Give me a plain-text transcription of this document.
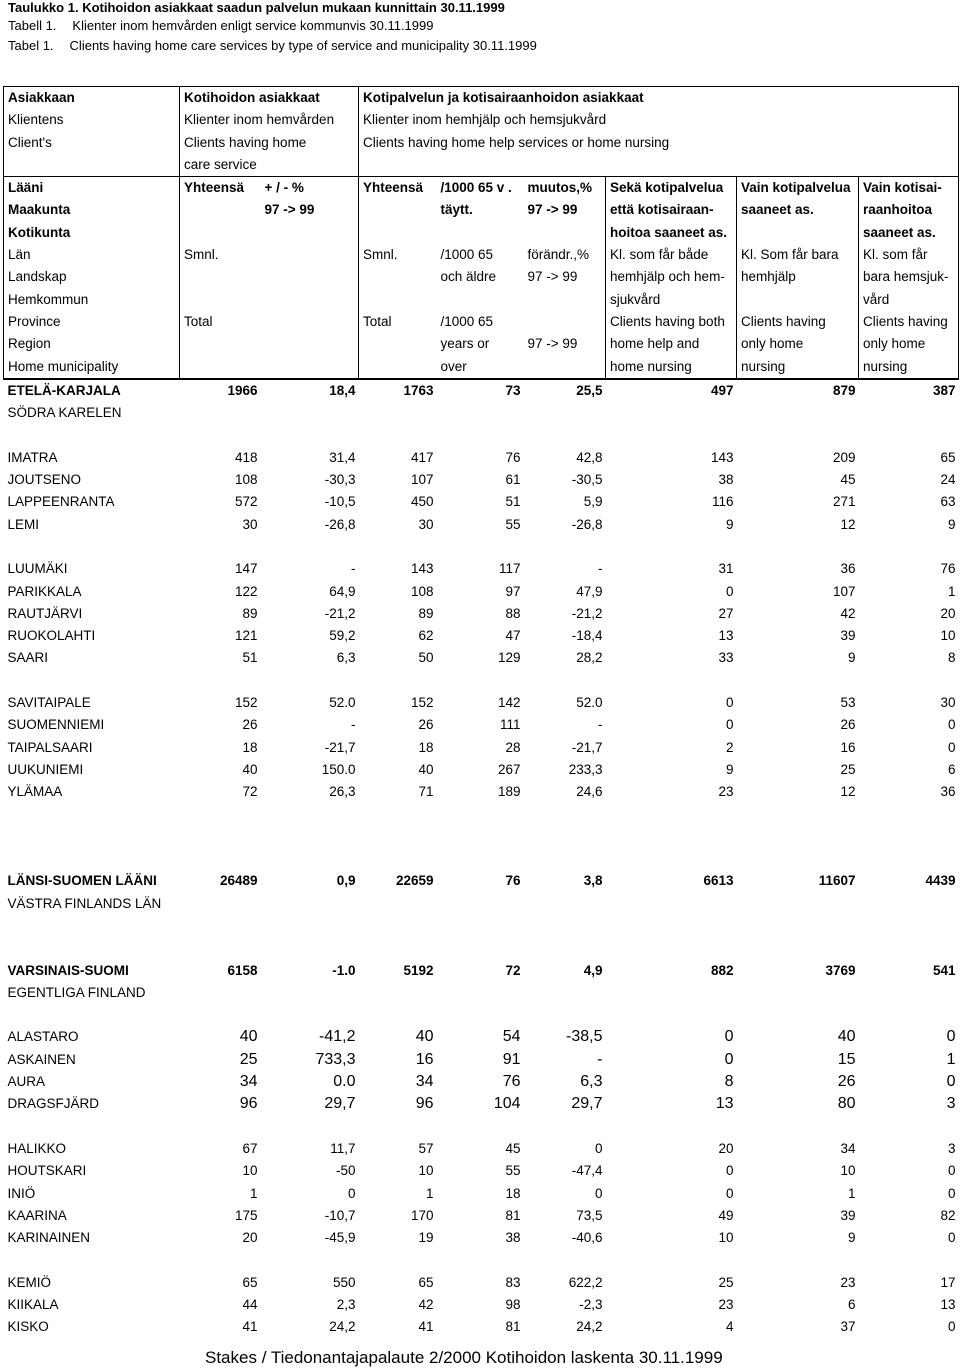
Taulukko 1. Kotihoidon asiakkaat saadun palvelun mukaan kunnittain 30.11.1999
Tabell 1. Klienter inom hemvården enligt service kommunvis 30.11.1999
Tabel 1. Clients having home care services by type of service and municipality 30.11.1999
Asiakkaan	Kotihoidon asiakkaat		Kotipalvelun ja kotisairaanhoidon asiakkaat					
Klientens	Klienter inom hemvården		Klienter inom hemhjälp och hemsjukvård					
Client's	Clients having home		Clients having home help services or home nursing					
	care service							
Lääni	Yhteensä	+ / - %	Yhteensä	/1000 65 v .	muutos,%	Sekä kotipalvelua	Vain kotipalvelua	Vain kotisai-
Maakunta		97 -> 99		täytt.	97 -> 99	että kotisairaan-	saaneet as.	raanhoitoa
Kotikunta						hoitoa saaneet as.		saaneet as.
Län	Smnl.		Smnl.	/1000 65	förändr.,%	Kl. som får både	Kl. Som får bara	Kl. som får
Landskap				och äldre	97 -> 99	hemhjälp och hem-	hemhjälp	bara hemsjuk-
Hemkommun						sjukvård		vård
Province	Total		Total	/1000 65		Clients having both	Clients having	Clients having
Region				years or	97 -> 99	home help and	only home	only home
Home municipality				over		home nursing	nursing	nursing
ETELÄ-KARJALA	1966	18,4	1763	73	25,5	497	879	387
SÖDRA KARELEN								

IMATRA	418	31,4	417	76	42,8	143	209	65
JOUTSENO	108	-30,3	107	61	-30,5	38	45	24
LAPPEENRANTA	572	-10,5	450	51	5,9	116	271	63
LEMI	30	-26,8	30	55	-26,8	9	12	9

LUUMÄKI	147	-	143	117	-	31	36	76
PARIKKALA	122	64,9	108	97	47,9	0	107	1
RAUTJÄRVI	89	-21,2	89	88	-21,2	27	42	20
RUOKOLAHTI	121	59,2	62	47	-18,4	13	39	10
SAARI	51	6,3	50	129	28,2	33	9	8

SAVITAIPALE	152	52.0	152	142	52.0	0	53	30
SUOMENNIEMI	26	-	26	111	-	0	26	0
TAIPALSAARI	18	-21,7	18	28	-21,7	2	16	0
UUKUNIEMI	40	150.0	40	267	233,3	9	25	6
YLÄMAA	72	26,3	71	189	24,6	23	12	36

LÄNSI-SUOMEN LÄÄNI	26489	0,9	22659	76	3,8	6613	11607	4439
VÄSTRA FINLANDS LÄN								

VARSINAIS-SUOMI	6158	-1.0	5192	72	4,9	882	3769	541
EGENTLIGA FINLAND								

ALASTARO	40	-41,2	40	54	-38,5	0	40	0
ASKAINEN	25	733,3	16	91	-	0	15	1
AURA	34	0.0	34	76	6,3	8	26	0
DRAGSFJÄRD	96	29,7	96	104	29,7	13	80	3

HALIKKO	67	11,7	57	45	0	20	34	3
HOUTSKARI	10	-50	10	55	-47,4	0	10	0
INIÖ	1	0	1	18	0	0	1	0
KAARINA	175	-10,7	170	81	73,5	49	39	82
KARINAINEN	20	-45,9	19	38	-40,6	10	9	0

KEMIÖ	65	550	65	83	622,2	25	23	17
KIIKALA	44	2,3	42	98	-2,3	23	6	13
KISKO	41	24,2	41	81	24,2	4	37	0
Stakes / Tiedonantajapalaute 2/2000 Kotihoidon laskenta 30.11.1999
